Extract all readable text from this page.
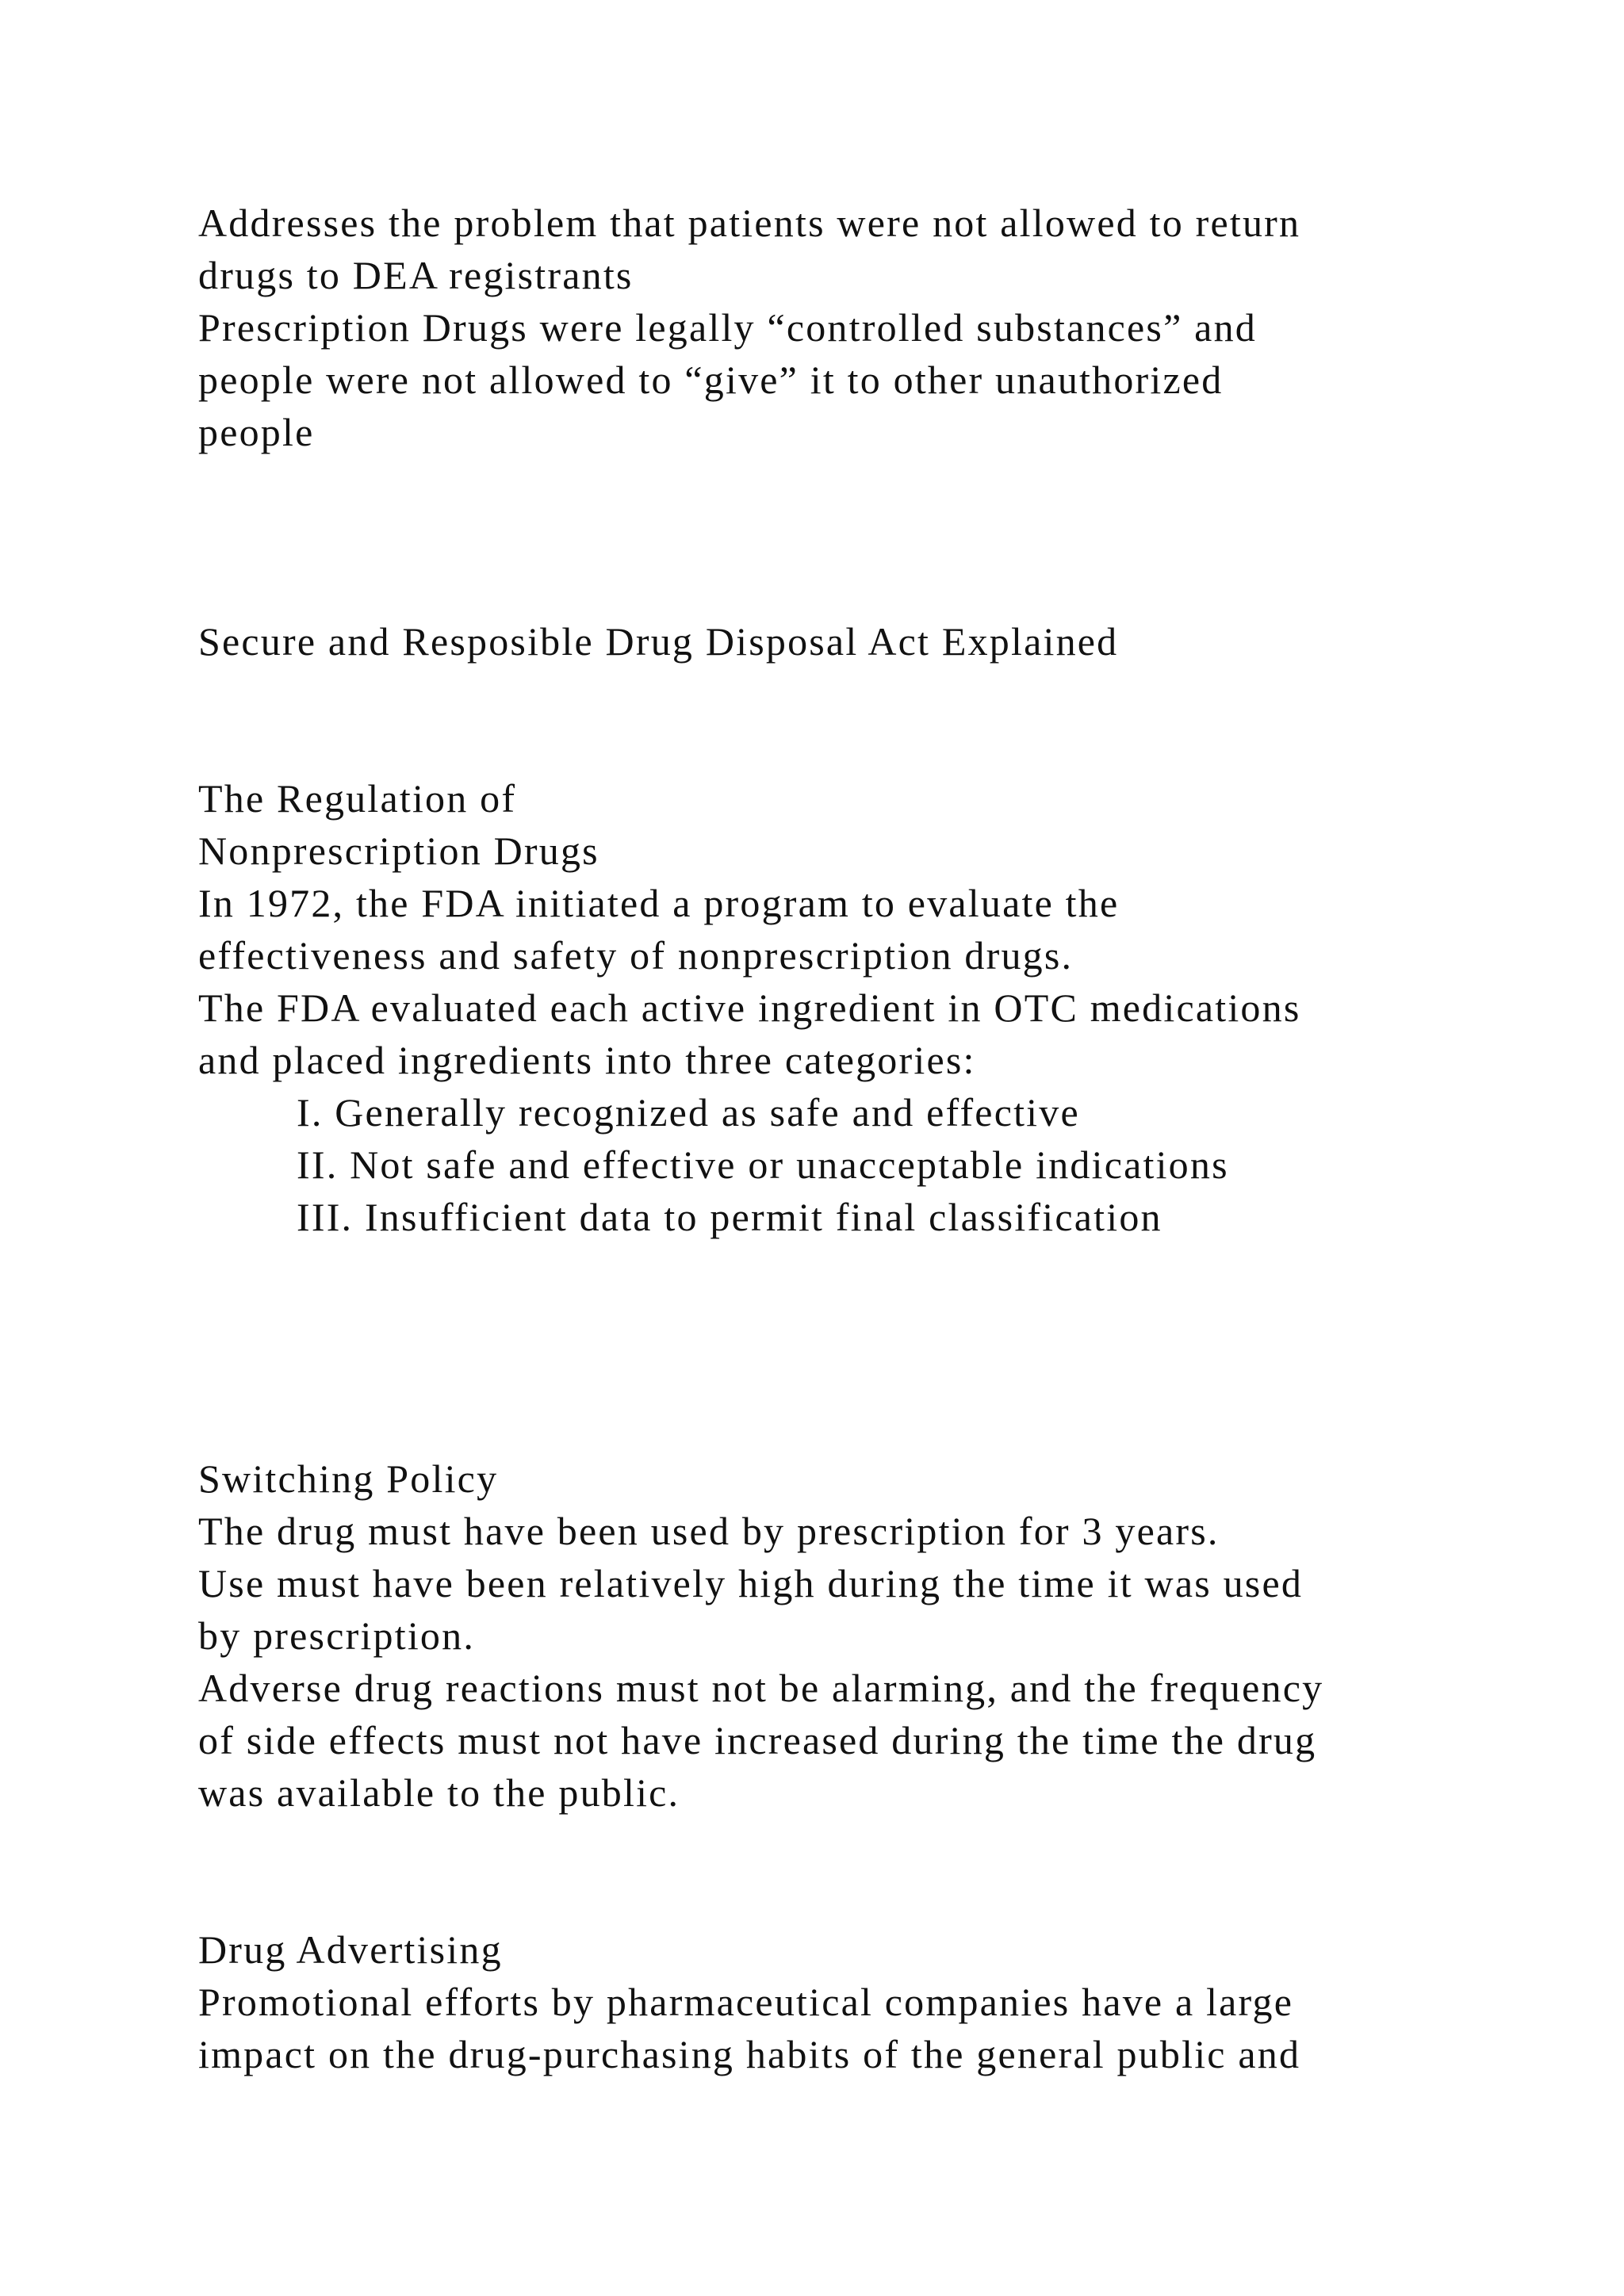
Addresses the problem that patients were not allowed to return

drugs to DEA registrants

Prescription Drugs were legally “controlled substances” and

people were not allowed to “give” it to other unauthorized

people

Secure and Resposible Drug Disposal Act Explained

The Regulation of

Nonprescription Drugs

In 1972, the FDA initiated a program to evaluate the

effectiveness and safety of nonprescription drugs.

The FDA evaluated each active ingredient in OTC medications

and placed ingredients into three categories:

I. Generally recognized as safe and effective

II. Not safe and effective or unacceptable indications

III. Insufficient data to permit final classification

Switching Policy

The drug must have been used by prescription for 3 years.

Use must have been relatively high during the time it was used

by prescription.

Adverse drug reactions must not be alarming, and the frequency

of side effects must not have increased during the time the drug

was available to the public.

Drug Advertising

Promotional efforts by pharmaceutical companies have a large

impact on the drug-purchasing habits of the general public and
